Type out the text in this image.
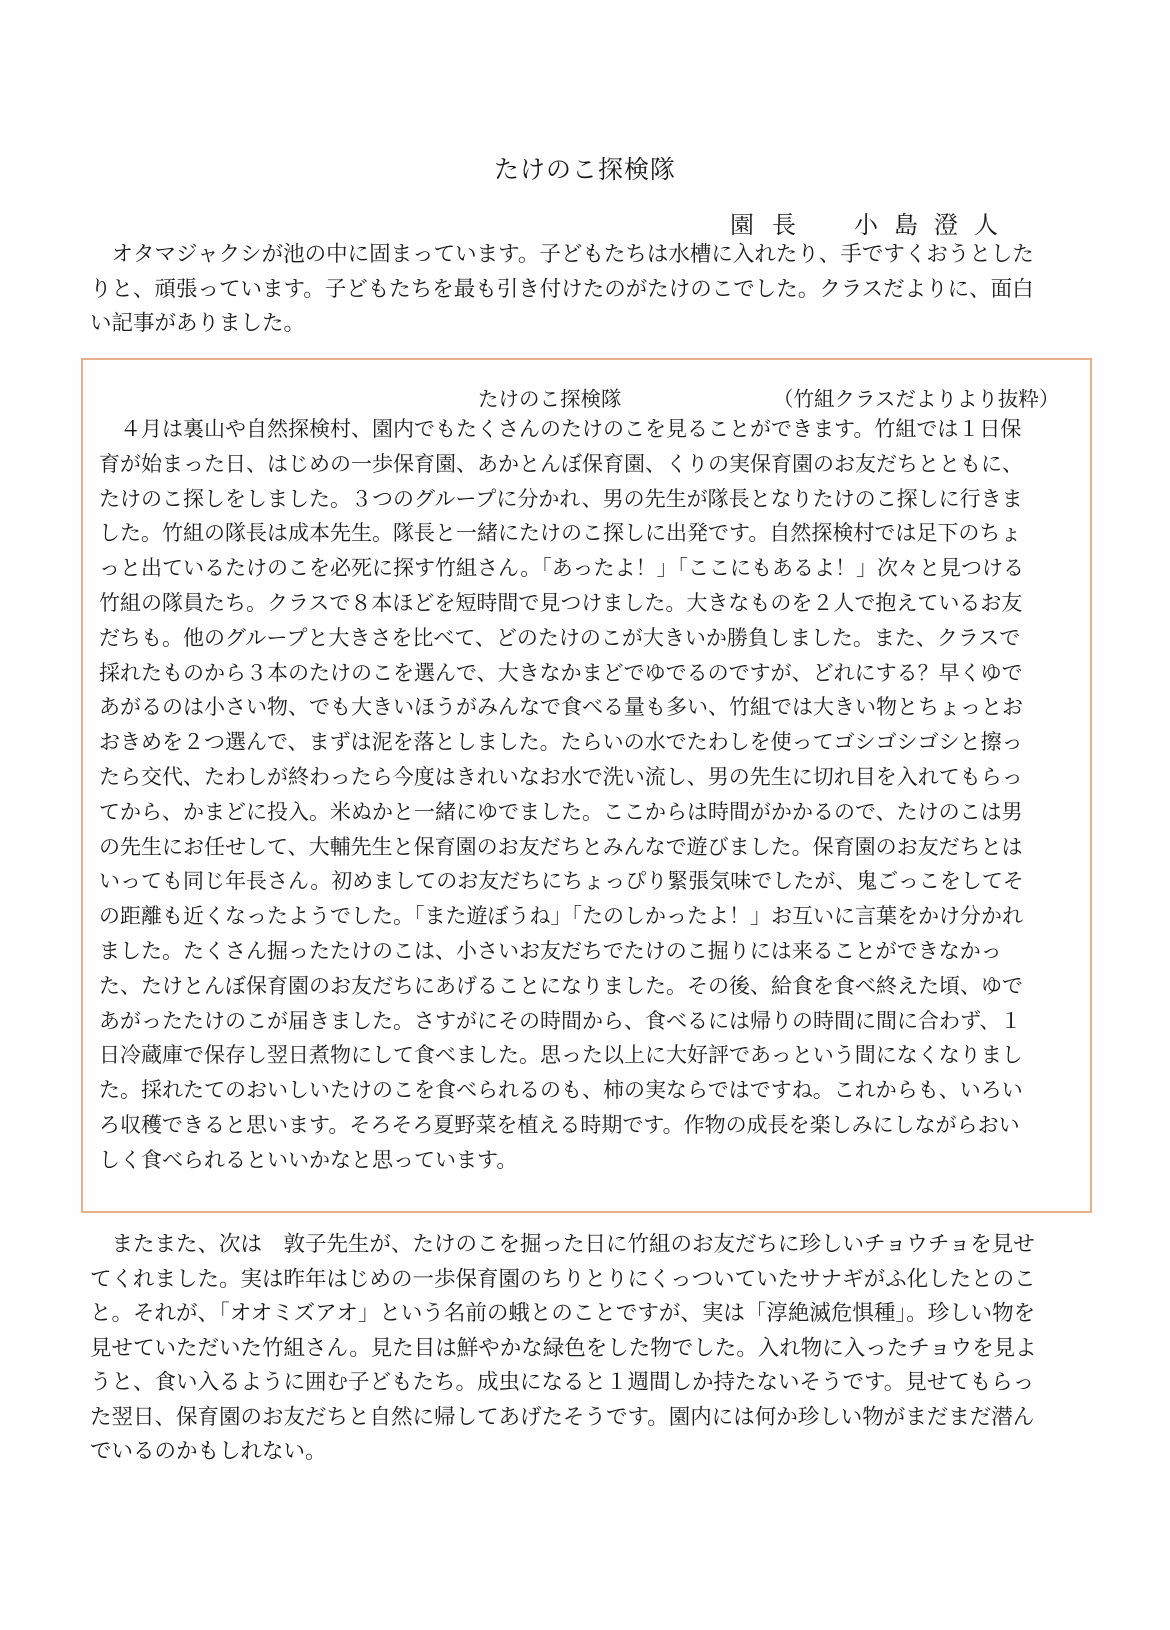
たけのこ探検隊
園長 小島澄人
　オタマジャクシが池の中に固まっています。子どもたちは水槽に入れたり、手ですくおうとした
りと、頑張っています。子どもたちを最も引き付けたのがたけのこでした。クラスだよりに、面白
い記事がありました。
たけのこ探検隊	（竹組クラスだよりより抜粋）
　４月は裏山や自然探検村、園内でもたくさんのたけのこを見ることができます。竹組では１日保
育が始まった日、はじめの一歩保育園、あかとんぼ保育園、くりの実保育園のお友だちとともに、
たけのこ探しをしました。３つのグループに分かれ、男の先生が隊長となりたけのこ探しに行きま
した。竹組の隊長は成本先生。隊長と一緒にたけのこ探しに出発です。自然探検村では足下のちょ
っと出ているたけのこを必死に探す竹組さん。「あったよ！」「ここにもあるよ！」次々と見つける
竹組の隊員たち。クラスで８本ほどを短時間で見つけました。大きなものを２人で抱えているお友
だちも。他のグループと大きさを比べて、どのたけのこが大きいか勝負しました。また、クラスで
採れたものから３本のたけのこを選んで、大きなかまどでゆでるのですが、どれにする？早くゆで
あがるのは小さい物、でも大きいほうがみんなで食べる量も多い、竹組では大きい物とちょっとお
おきめを２つ選んで、まずは泥を落としました。たらいの水でたわしを使ってゴシゴシゴシと擦っ
たら交代、たわしが終わったら今度はきれいなお水で洗い流し、男の先生に切れ目を入れてもらっ
てから、かまどに投入。米ぬかと一緒にゆでました。ここからは時間がかかるので、たけのこは男
の先生にお任せして、大輔先生と保育園のお友だちとみんなで遊びました。保育園のお友だちとは
いっても同じ年長さん。初めましてのお友だちにちょっぴり緊張気味でしたが、鬼ごっこをしてそ
の距離も近くなったようでした。「また遊ぼうね」「たのしかったよ！」お互いに言葉をかけ分かれ
ました。たくさん掘ったたけのこは、小さいお友だちでたけのこ掘りには来ることができなかっ
た、たけとんぼ保育園のお友だちにあげることになりました。その後、給食を食べ終えた頃、ゆで
あがったたけのこが届きました。さすがにその時間から、食べるには帰りの時間に間に合わず、１
日冷蔵庫で保存し翌日煮物にして食べました。思った以上に大好評であっという間になくなりまし
た。採れたてのおいしいたけのこを食べられるのも、柿の実ならではですね。これからも、いろい
ろ収穫できると思います。そろそろ夏野菜を植える時期です。作物の成長を楽しみにしながらおい
しく食べられるといいかなと思っています。
　またまた、次は　敦子先生が、たけのこを掘った日に竹組のお友だちに珍しいチョウチョを見せ
てくれました。実は昨年はじめの一歩保育園のちりとりにくっついていたサナギがふ化したとのこ
と。それが、「オオミズアオ」という名前の蛾とのことですが、実は「淳絶滅危惧種」。珍しい物を
見せていただいた竹組さん。見た目は鮮やかな緑色をした物でした。入れ物に入ったチョウを見よ
うと、食い入るように囲む子どもたち。成虫になると１週間しか持たないそうです。見せてもらっ
た翌日、保育園のお友だちと自然に帰してあげたそうです。園内には何か珍しい物がまだまだ潜ん
でいるのかもしれない。
